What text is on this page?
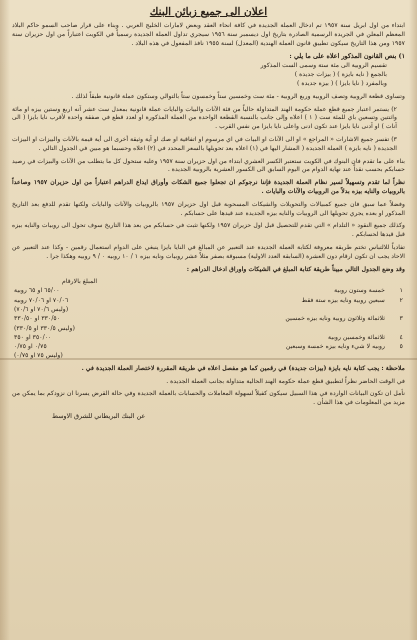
اعلان الى جميع زبائن البنك

ابتداء من اول ابريل سنة ١٩٥٧ تم ادخال العملة الجديدة في كافة انحاء العقد وبعض لامارات الخليج العربي . وبناء على قرار صاحب السمو حاكم البلاد المعظم المعلن في الجريدة الرسمية الصادرة بتاريخ اول ديسمبر سنة ١٩٥٦ سيجري تداول العملة الجديدة رسمياً في الكويت اعتباراً من اول حزيران سنة ١٩٥٧ ومن هذا التاريخ سيكون تطبيق قانون العملة الهندية (المعدل) لسنة ١٩٥٥ نافذ المفعول في هذه البلاد .

١) بنص القانون المذكور اعلاه على ما يلي :
تقسيم الروبية الى مئة ستة وسمى الست المذكور
بالجمع ( نايه بايزة ) ( بيزات جديدة )
وبالمفرد ( نايا بايزا ) ( بيزة جديدة )

وتساوى قطعة الروبية وتصف الروبية وربع الروبية - مئة ست وخمسين ستاً وخمسون ستاً بالتوالي وستكون عملة قانونية طبقاً لذلك .

٢) يستمر اعتبار جميع قطع عملة حكومة الهند المتداولة حالياً من فئة الآنات والبيات والبايات عملة قانونية بمعدل ست عشر آنه اربع وستين بيزه او مائة واثنتين وتسعين باي للمئة ست ( ١ ) اعلاه وإلى جانب بالنسبة القطعة الواحدة من العملة المذكورة او لعدد قطع في صفقة واحدة لأقرب نايا بايزا ( الى آنات ) او آدنى نايا بايزا عند تكون ادنى واعلى نايا بايزا من نفس القرب .

٣) تفسر جميع الاشارات « المراجع » او الى الآنات او البيات في اي مرسوم او اتفاقية او صك او آية وثيقة أخرى الى أية قيمة بالآنات والبيزات او البيزات الجديدة ( نايه بايزة ) العملة الجديدة ( المشار اليها في (١) اعلاه بعد تحويلها بالسعر المحدد في (٢) اعلاه وحسبما هو مبين في الجدول التالي .

بناء على ما تقدم فان البنوك في الكويت ستعتبر الكسر العشري ابتداء من اول حزيران سنة ١٩٥٧ وعليه ستحول كل ما يتطلب من الآنات والبيزات في رصيد حسابكم بحسب نقداً عند نهاية الدوام من اليوم السابق الى الكسور العشرية بالروبية الجديدة .

نظراً لما تقدم وتسهيلاً لسير نظام العملة الجديدة فإننا نرجوكم ان تجعلوا جميع الشكات وأوراق ايداع الدراهم اعتباراً من اول حزيران ١٩٥٧ وصاعداً بالروبيات والنايه بيزه بدلاً من الروبيات والآنات والبايات .

وفضلاً عما سبق فان جميع كمبيالات والتحويلات والشيكات المسحوبة قبل اول حزيران ١٩٥٧ بالروبيات والآنات والبايات ولكنها تقدم للدفع بعد التاريخ المذكور او بعده يجري تحويلها الى الروبيات والنايه بيزه الجديدة عند قيدها على حسابكم .

وكذلك جميع النقود « التلدام » التي تقدم للتحصيل قبل اول حزيران ١٩٥٧ ولكنها تثبت في حسابكم من بعد هذا التاريخ سوف تحول الى روبيات والنايه بيزه قبل قيدها لحسابكم .

تفادياً للالتباس تختم طريقة معروفة لكتابة العملة الجديدة عند التعبير عن المبالغ في النايا بايزا ينبغي على الدوام استعمال رقمين - وكذا عند التعبير عن الاحاد يجب ان تكون ارقام دون العشرة (السابقة العدد الاولية) مسبوقة بصفر مثلاً عشر روبيات ونايه بيزه ١ / ١٠ روبيه ٠ / ٩ روبيه وهكذا جرا .

وقد وضع الجدول التالي مبيناً طريقة كتابة المبلغ في الشيكات واوراق ادخال الدراهم :

المبلغ بالارقام
١	خمسة وستون روبية	٦٥/٠٠ او ٦٥ روبية
٢	سبعين روبية ونايه بيزه ستة فقط	٧٠/٠٦ او ٧٠/٠٦ روبيه
		(وليس ٧٠/٦ او ٧٠/٦)
٣	ثلاثمائة وثلاثون روبية ونايه بيزه خمسين	٣٣٠/٥٠ او ٣٣٠/٥٠
		(وليس ٣٣٠/٥ او ٣٣٠/٥)
٤	ثلاثمائة وخمسين روبية	٣٥٠/٠٠ او ٣٥٠
٥	روبيه لا شيء ونايه بيزه خمسة وسبعين	٠/٧٥ او ٠/٧٥
		(وليس ٧٥ او ٠/٧٥)
ملاحظة : يجب كتابة نايه بايزة (بيزات جديدة) في رقمين كما هو مفصل اعلاه في طريقة المقررة لاختصار العملة الجديدة في .

في الوقت الحاضر نظراً لتطبيق قطع عملة حكومة الهند الحالية متداولة بجانب العملة الجديدة .

نأمل ان تكون البيانات الواردة في هذا السبيل سيكون كفيلاً لسهولة المعاملات والحسابات بالعملة الجديدة وفي حالة القرض يسرنا ان نزودكم بما يمكن من مزيد من المعلومات في هذا الشأن .

عن البنك البريطاني للشرق الاوسط
